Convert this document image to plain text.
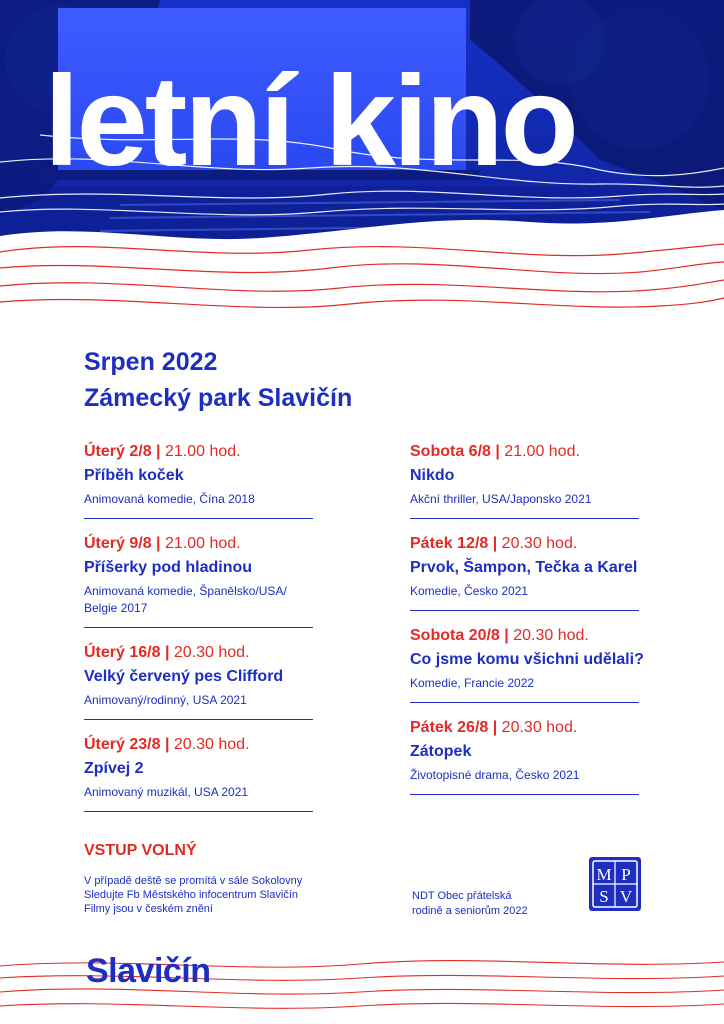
letní kino
Srpen 2022
Zámecký park Slavičín
Úterý 2/8 | 21.00 hod.
Příběh koček
Animovaná komedie, Čína 2018
Úterý 9/8 | 21.00 hod.
Příšerky pod hladinou
Animovaná komedie, Španělsko/USA/ Belgie 2017
Úterý 16/8 | 20.30 hod.
Velký červený pes Clifford
Animovaný/rodinný, USA 2021
Úterý 23/8 | 20.30 hod.
Zpívej 2
Animovaný muzikál, USA 2021
Sobota 6/8 | 21.00 hod.
Nikdo
Akční thriller, USA/Japonsko 2021
Pátek 12/8 | 20.30 hod.
Prvok, Šampon, Tečka a Karel
Komedie, Česko 2021
Sobota 20/8 | 20.30 hod.
Co jsme komu všichni udělali?
Komedie, Francie 2022
Pátek 26/8 | 20.30 hod.
Zátopek
Životopisné drama, Česko 2021
VSTUP VOLNÝ
V případě deště se promítá v sále Sokolovny
Sledujte Fb Městského infocentrum Slavičín
Filmy jsou v českém znění
NDT Obec přátelská
rodině a seniorům 2022
M P
S V
Slavičín
